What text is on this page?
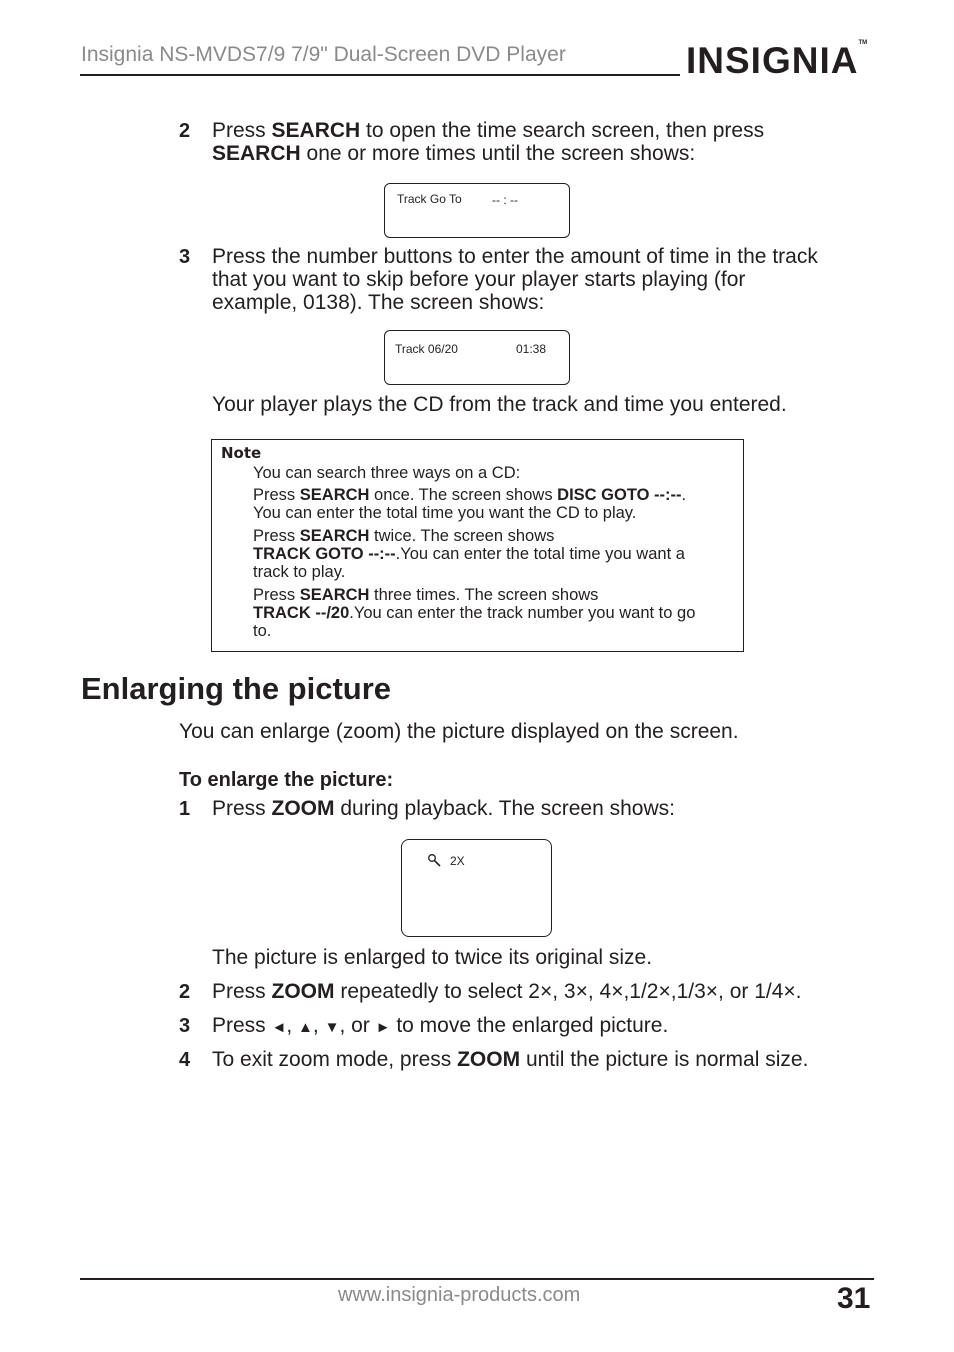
Insignia NS-MVDS7/9 7/9" Dual-Screen DVD Player	INSIGNIA™
2 Press SEARCH to open the time search screen, then press
SEARCH one or more times until the screen shows:
Track Go To	-- : --
3 Press the number buttons to enter the amount of time in the track
that you want to skip before your player starts playing (for
example, 0138). The screen shows:
Track 06/20	01:38
Your player plays the CD from the track and time you entered.
Note
You can search three ways on a CD:
Press SEARCH once. The screen shows DISC GOTO --:--.
You can enter the total time you want the CD to play.
Press SEARCH twice. The screen shows
TRACK GOTO --:--.You can enter the total time you want a
track to play.
Press SEARCH three times. The screen shows
TRACK --/20.You can enter the track number you want to go
to.
Enlarging the picture
You can enlarge (zoom) the picture displayed on the screen.
To enlarge the picture:
1 Press ZOOM during playback. The screen shows:
2X
The picture is enlarged to twice its original size.
2 Press ZOOM repeatedly to select 2×, 3×, 4×,1/2×,1/3×, or 1/4×.
3 Press ◄, ▲, ▼, or ► to move the enlarged picture.
4 To exit zoom mode, press ZOOM until the picture is normal size.
www.insignia-products.com	31
